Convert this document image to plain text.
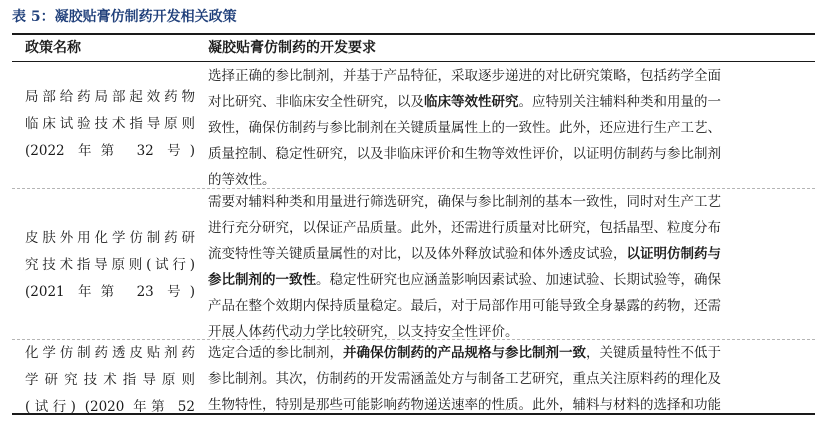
表 5：凝胶贴膏仿制药开发相关政策
政策名称	凝胶贴膏仿制药的开发要求
局部给药局部起效药物
临床试验技术指导原则
(2022 年第 32 号)
选择正确的参比制剂，并基于产品特征，采取逐步递进的对比研究策略，包括药学全面
对比研究、非临床安全性研究，以及临床等效性研究。应特别关注辅料种类和用量的一
致性，确保仿制药与参比制剂在关键质量属性上的一致性。此外，还应进行生产工艺、
质量控制、稳定性研究，以及非临床评价和生物等效性评价，以证明仿制药与参比制剂
的等效性。
皮肤外用化学仿制药研
究技术指导原则(试行)
(2021 年第 23 号)
需要对辅料种类和用量进行筛选研究，确保与参比制剂的基本一致性，同时对生产工艺
进行充分研究，以保证产品质量。此外，还需进行质量对比研究，包括晶型、粒度分布
流变特性等关键质量属性的对比，以及体外释放试验和体外透皮试验，以证明仿制药与
参比制剂的一致性。稳定性研究也应涵盖影响因素试验、加速试验、长期试验等，确保
产品在整个效期内保持质量稳定。最后，对于局部作用可能导致全身暴露的药物，还需
开展人体药代动力学比较研究，以支持安全性评价。
化学仿制药透皮贴剂药
学研究技术指导原则
(试行) (2020 年第 52
选定合适的参比制剂，并确保仿制药的产品规格与参比制剂一致，关键质量特性不低于
参比制剂。其次，仿制药的开发需涵盖处方与制备工艺研究，重点关注原料药的理化及
生物特性，特别是那些可能影响药物递送速率的性质。此外，辅料与材料的选择和功能
